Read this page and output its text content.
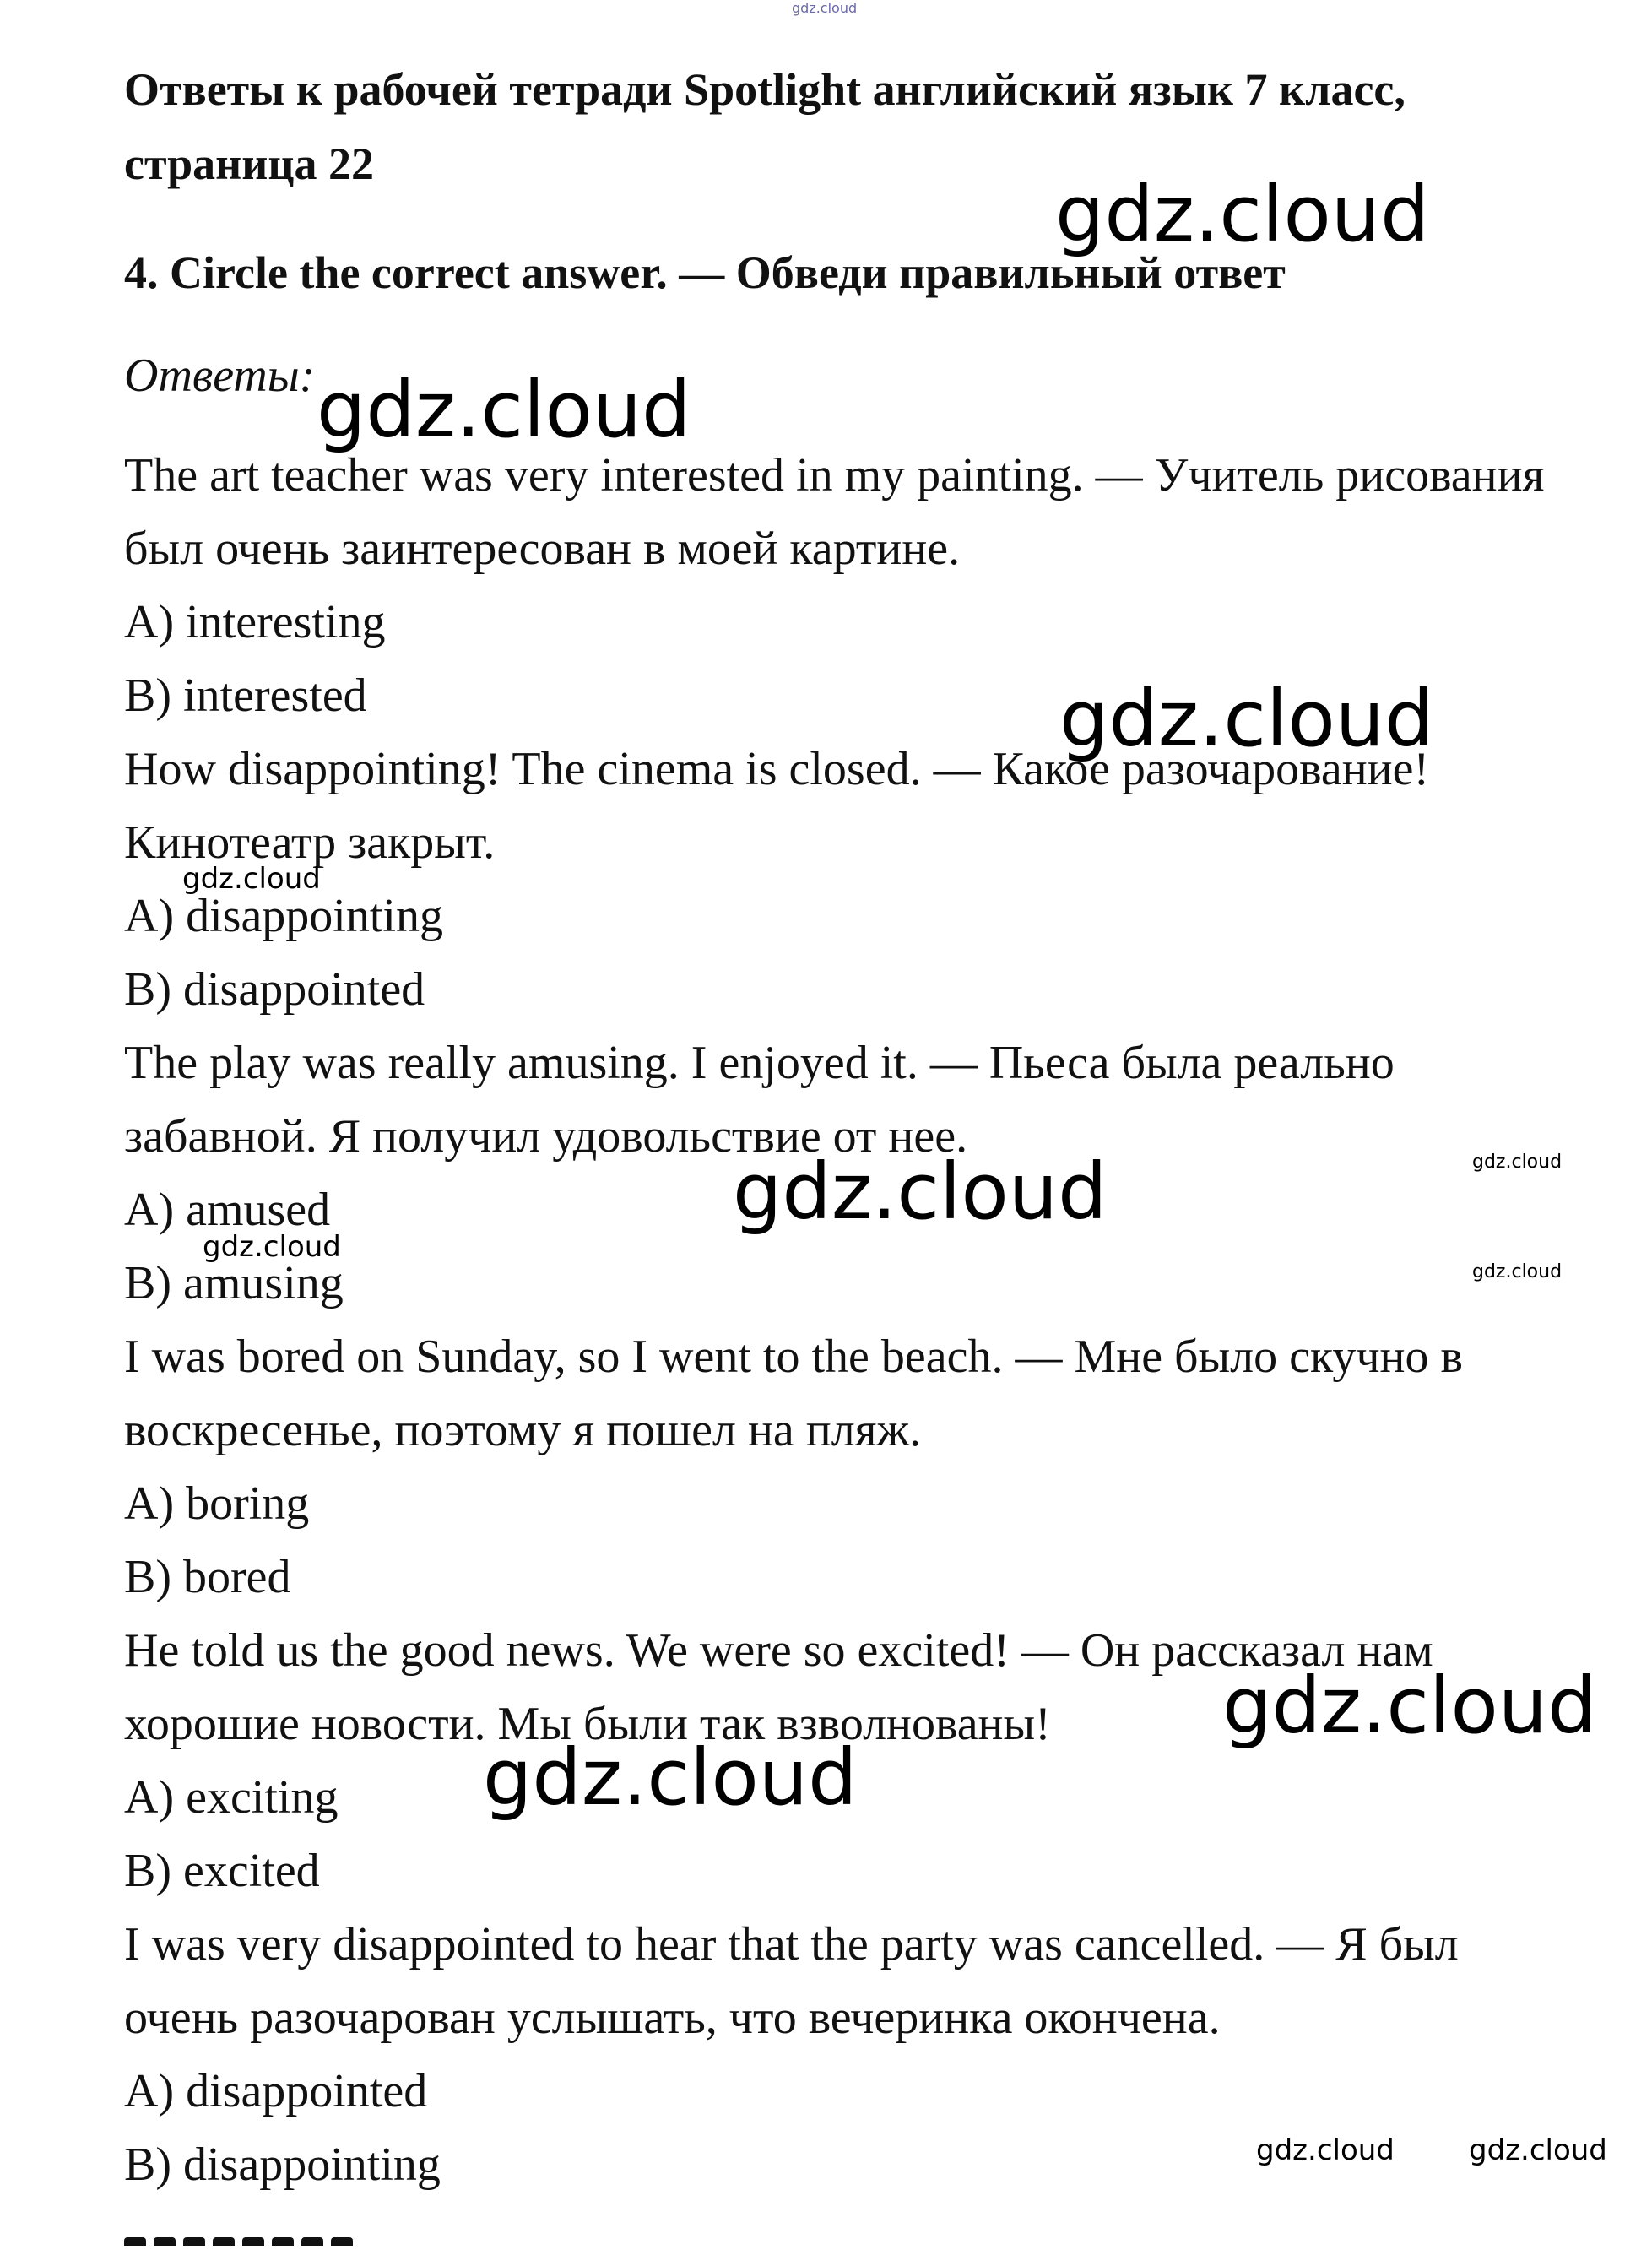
gdz.cloud
Ответы к рабочей тетради Spotlight английский язык 7 класс, страница 22
4. Circle the correct answer. — Обведи правильный ответ

Ответы:

The art teacher was very interested in my painting. — Учитель рисования
был очень заинтересован в моей картине.
A) interesting
B) interested
How disappointing! The cinema is closed. — Какое разочарование!
Кинотеатр закрыт.
A) disappointing
B) disappointed
The play was really amusing. I enjoyed it. — Пьеса была реально
забавной. Я получил удовольствие от нее.
A) amused
B) amusing
I was bored on Sunday, so I went to the beach. — Мне было скучно в
воскресенье, поэтому я пошел на пляж.
A) boring
B) bored
He told us the good news. We were so excited! — Он рассказал нам
хорошие новости. Мы были так взволнованы!
A) exciting
B) excited
I was very disappointed to hear that the party was cancelled. — Я был
очень разочарован услышать, что вечеринка окончена.
A) disappointed
B) disappointing
gdz.cloud
gdz.cloud
gdz.cloud
gdz.cloud
gdz.cloud	gdz.cloud
gdz.cloud
gdz.cloud
gdz.cloud
gdz.cloud
gdz.cloud	gdz.cloud
